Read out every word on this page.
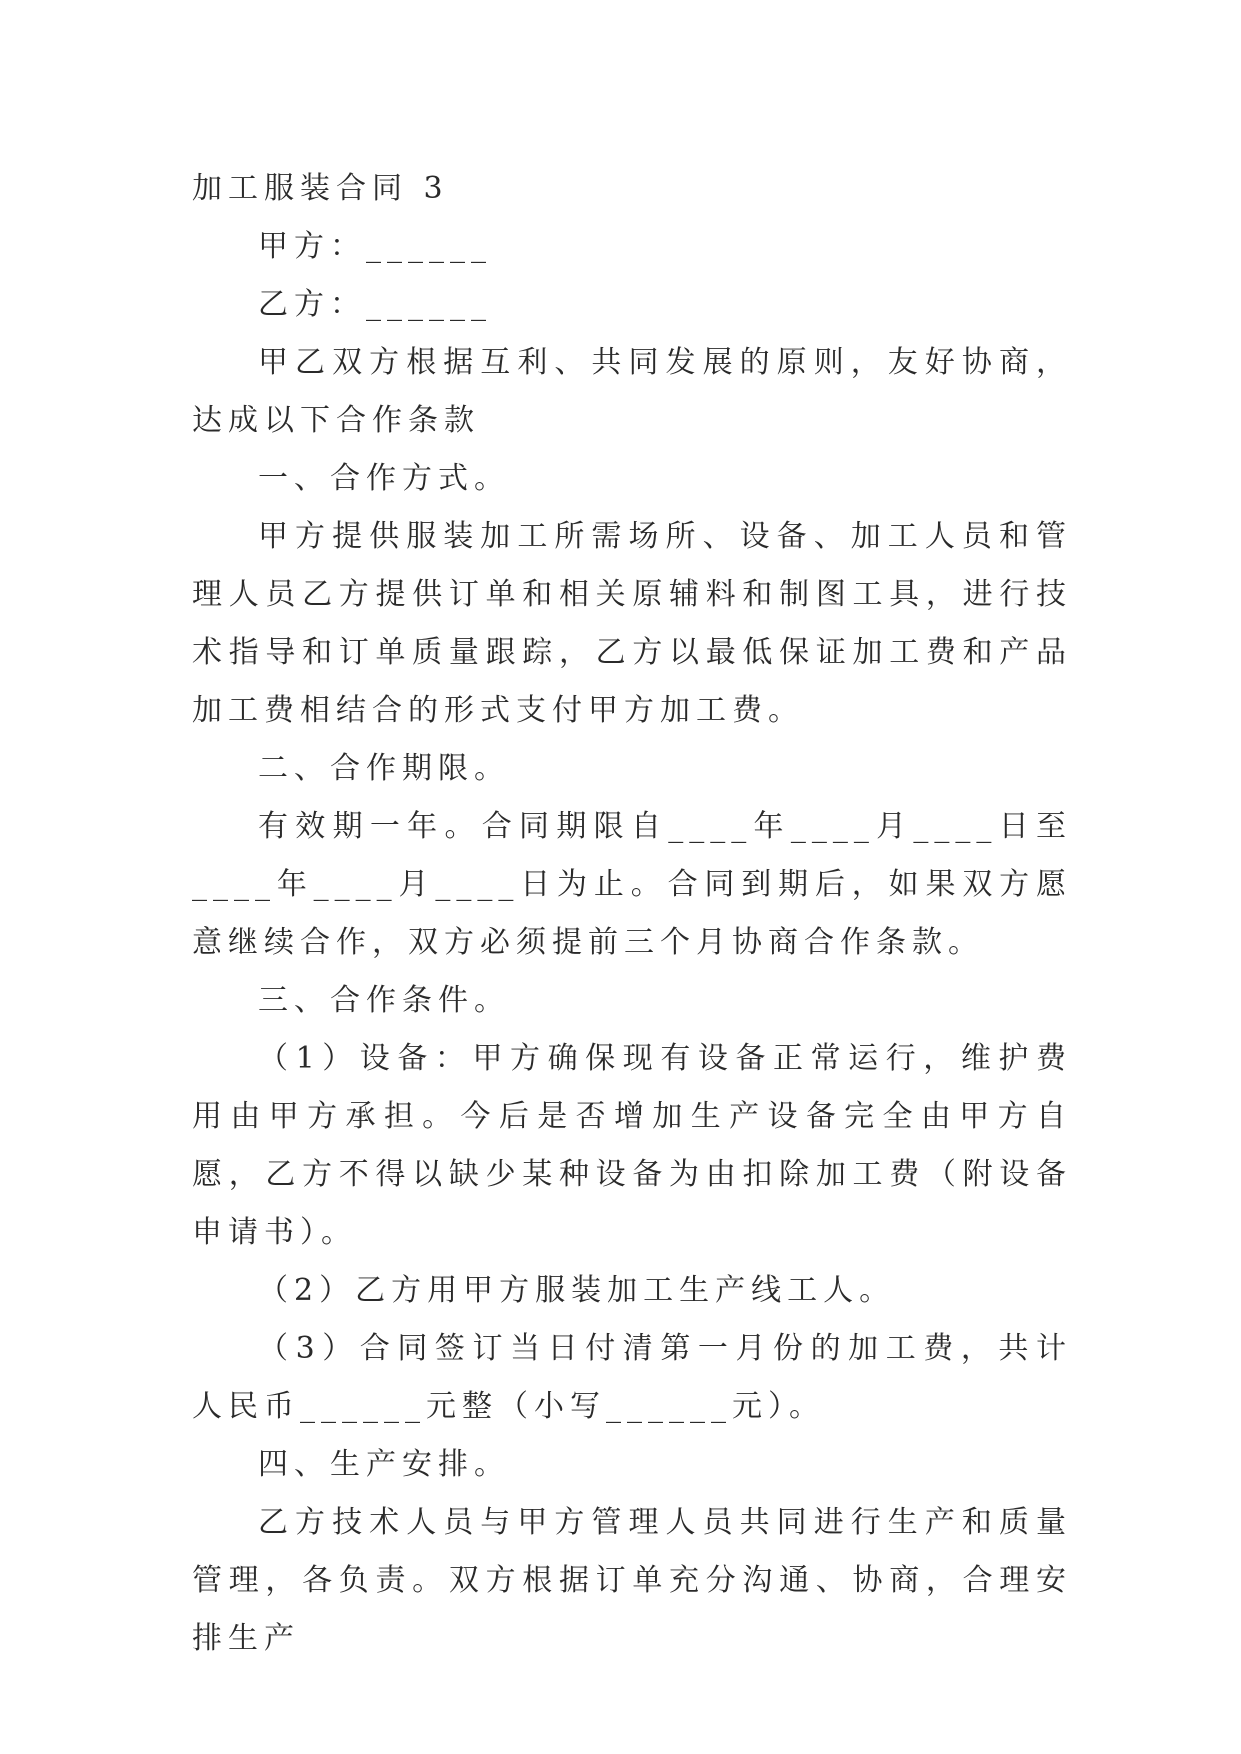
加工服装合同 3

甲方：______

乙方：______

甲乙双方根据互利、共同发展的原则，友好协商，达成以下合作条款

一、合作方式。

甲方提供服装加工所需场所、设备、加工人员和管理人员乙方提供订单和相关原辅料和制图工具，进行技术指导和订单质量跟踪，乙方以最低保证加工费和产品加工费相结合的形式支付甲方加工费。

二、合作期限。

有效期一年。合同期限自____年____月____日至____年____月____日为止。合同到期后，如果双方愿意继续合作，双方必须提前三个月协商合作条款。

三、合作条件。

（1）设备：甲方确保现有设备正常运行，维护费用由甲方承担。今后是否增加生产设备完全由甲方自愿，乙方不得以缺少某种设备为由扣除加工费（附设备申请书）。

（2）乙方用甲方服装加工生产线工人。

（3）合同签订当日付清第一月份的加工费，共计人民币______元整（小写______元）。

四、生产安排。

乙方技术人员与甲方管理人员共同进行生产和质量管理，各负责。双方根据订单充分沟通、协商，合理安排生产
